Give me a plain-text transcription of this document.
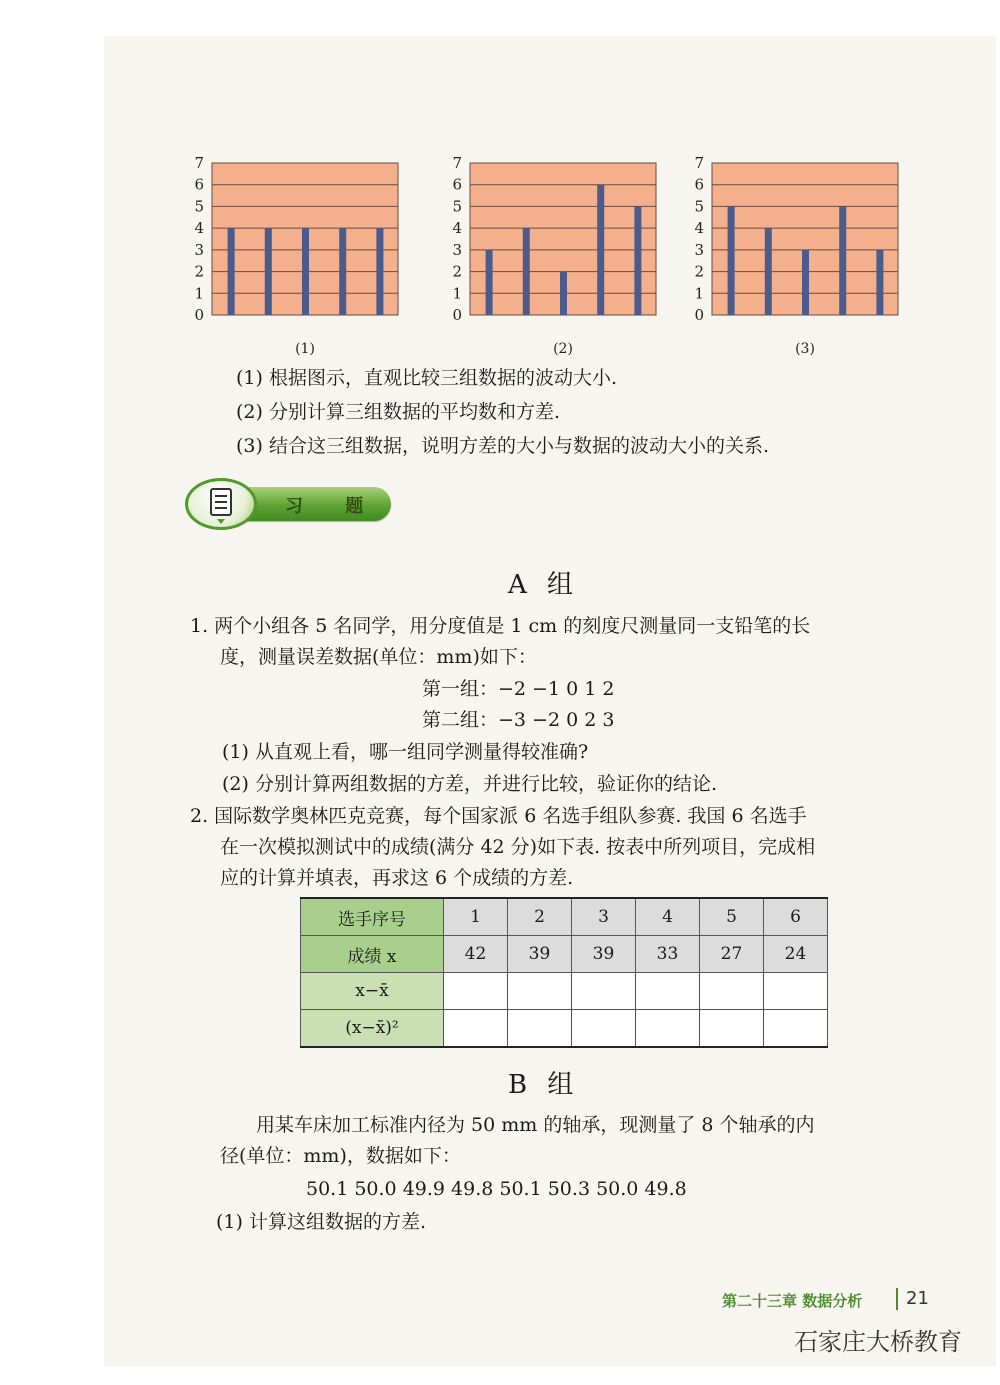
0
1
2
3
4
5
6
7
(1)
0
1
2
3
4
5
6
7
(2)
0
1
2
3
4
5
6
7
(3)
(1) 根据图示，直观比较三组数据的波动大小.
(2) 分别计算三组数据的平均数和方差.
(3) 结合这三组数据，说明方差的大小与数据的波动大小的关系.
习 题
A 组
1. 两个小组各 5 名同学，用分度值是 1 cm 的刻度尺测量同一支铅笔的长
度，测量误差数据(单位：mm)如下：
第一组：−2 −1 0 1 2
第二组：−3 −2 0 2 3
(1) 从直观上看，哪一组同学测量得较准确?
(2) 分别计算两组数据的方差，并进行比较，验证你的结论.
2. 国际数学奥林匹克竞赛，每个国家派 6 名选手组队参赛. 我国 6 名选手
在一次模拟测试中的成绩(满分 42 分)如下表. 按表中所列项目，完成相
应的计算并填表，再求这 6 个成绩的方差.
选手序号	1	2	3	4	5	6
成绩 x	42	39	39	33	27	24
x−x̄						
(x−x̄)²						
B 组
用某车床加工标准内径为 50 mm 的轴承，现测量了 8 个轴承的内
径(单位：mm)，数据如下：
50.1 50.0 49.9 49.8 50.1 50.3 50.0 49.8
(1) 计算这组数据的方差.
第二十三章 数据分析 21
石家庄大桥教育
